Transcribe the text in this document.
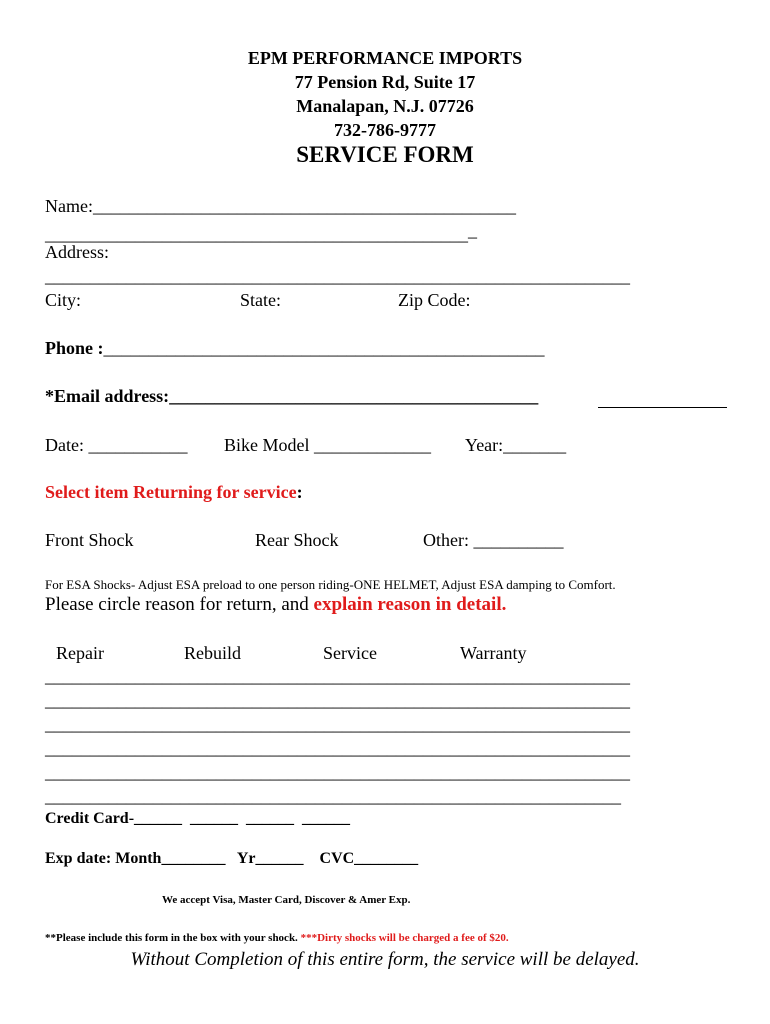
EPM PERFORMANCE IMPORTS
77 Pension Rd, Suite 17
Manalapan, N.J. 07726
732-786-9777
SERVICE FORM
Name:_______________________________________________
________________________________________________
Address:
_________________________________________________________________
City:	State:	Zip Code:
Phone :_________________________________________________
*Email address:_________________________________________
Date: ___________ Bike Model _____________ Year:_______
Select item Returning for service:
Front Shock	Rear Shock	Other: __________
For ESA Shocks- Adjust ESA preload to one person riding-ONE HELMET, Adjust ESA damping to Comfort.
Please circle reason for return, and explain reason in detail.
Repair	Rebuild	Service	Warranty
_________________________________________________________________
_________________________________________________________________
_________________________________________________________________
_________________________________________________________________
_________________________________________________________________
________________________________________________________________
Credit Card-______  ______  ______  ______
Exp date: Month________   Yr______    CVC________
We accept Visa, Master Card, Discover & Amer Exp.
**Please include this form in the box with your shock. ***Dirty shocks will be charged a fee of $20.
Without Completion of this entire form, the service will be delayed.
